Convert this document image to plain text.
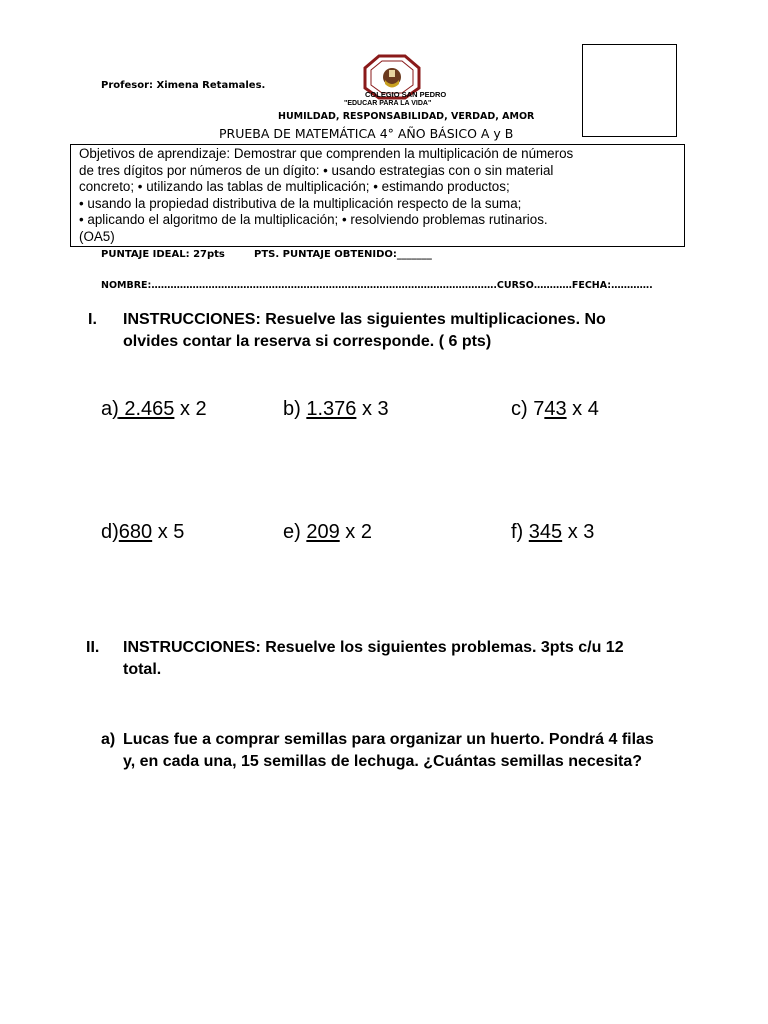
Profesor: Ximena Retamales.
COLEGIO SAN PEDRO
"EDUCAR PARA LA VIDA"
HUMILDAD, RESPONSABILIDAD, VERDAD, AMOR
PRUEBA DE MATEMÁTICA 4° AÑO BÁSICO A y B
Objetivos de aprendizaje: Demostrar que comprenden la multiplicación de números
de tres dígitos por números de un dígito: • usando estrategias con o sin material
concreto; • utilizando las tablas de multiplicación; • estimando productos;
• usando la propiedad distributiva de la multiplicación respecto de la suma;
• aplicando el algoritmo de la multiplicación; • resolviendo problemas rutinarios.
(OA5)
PUNTAJE IDEAL: 27pts	PTS. PUNTAJE OBTENIDO:_______
NOMBRE:……………………………………………………………………………………………….CURSO…………FECHA:………….
I. INSTRUCCIONES: Resuelve las siguientes multiplicaciones. No
olvides contar la reserva si corresponde. ( 6 pts)
a) 2.465 x 2	b) 1.376 x 3	c) 743 x 4
d)680 x 5	e) 209 x 2	f) 345 x 3
II. INSTRUCCIONES: Resuelve los siguientes problemas. 3pts c/u 12
total.
a) Lucas fue a comprar semillas para organizar un huerto. Pondrá 4 filas
y, en cada una, 15 semillas de lechuga. ¿Cuántas semillas necesita?
